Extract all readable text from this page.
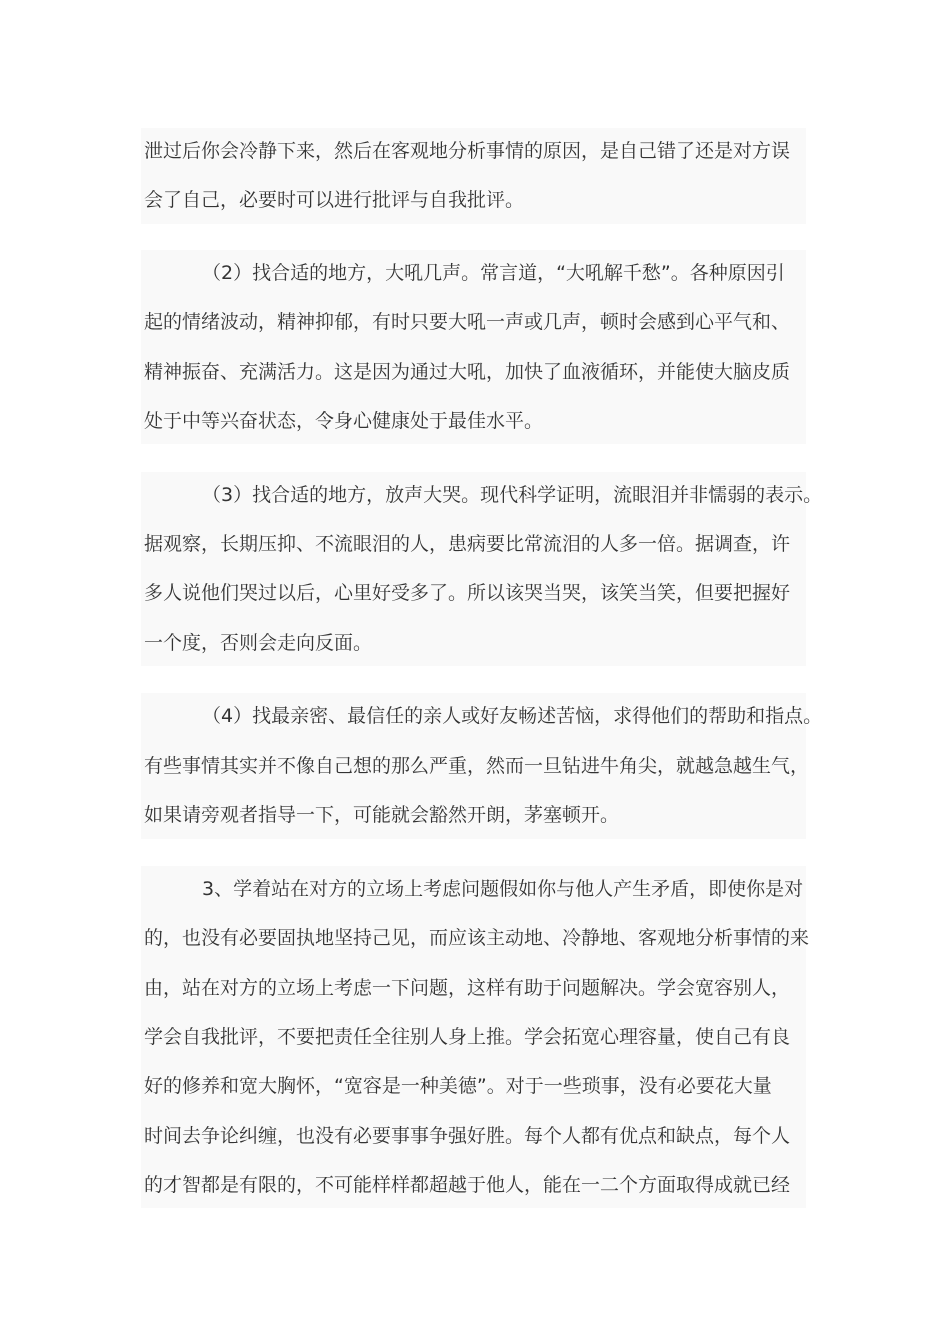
泄过后你会冷静下来，然后在客观地分析事情的原因，是自己错了还是对方误
会了自己，必要时可以进行批评与自我批评。
（2）找合适的地方，大吼几声。常言道，“大吼解千愁”。各种原因引
起的情绪波动，精神抑郁，有时只要大吼一声或几声，顿时会感到心平气和、
精神振奋、充满活力。这是因为通过大吼，加快了血液循环，并能使大脑皮质
处于中等兴奋状态，令身心健康处于最佳水平。
（3）找合适的地方，放声大哭。现代科学证明，流眼泪并非懦弱的表示。
据观察，长期压抑、不流眼泪的人，患病要比常流泪的人多一倍。据调查，许
多人说他们哭过以后，心里好受多了。所以该哭当哭，该笑当笑，但要把握好
一个度，否则会走向反面。
（4）找最亲密、最信任的亲人或好友畅述苦恼，求得他们的帮助和指点。
有些事情其实并不像自己想的那么严重，然而一旦钻进牛角尖，就越急越生气，
如果请旁观者指导一下，可能就会豁然开朗，茅塞顿开。
3、学着站在对方的立场上考虑问题假如你与他人产生矛盾，即使你是对
的，也没有必要固执地坚持己见，而应该主动地、冷静地、客观地分析事情的来
由，站在对方的立场上考虑一下问题，这样有助于问题解决。学会宽容别人，
学会自我批评，不要把责任全往别人身上推。学会拓宽心理容量，使自己有良
好的修养和宽大胸怀，“宽容是一种美德”。对于一些琐事，没有必要花大量
时间去争论纠缠，也没有必要事事争强好胜。每个人都有优点和缺点，每个人
的才智都是有限的，不可能样样都超越于他人，能在一二个方面取得成就已经
